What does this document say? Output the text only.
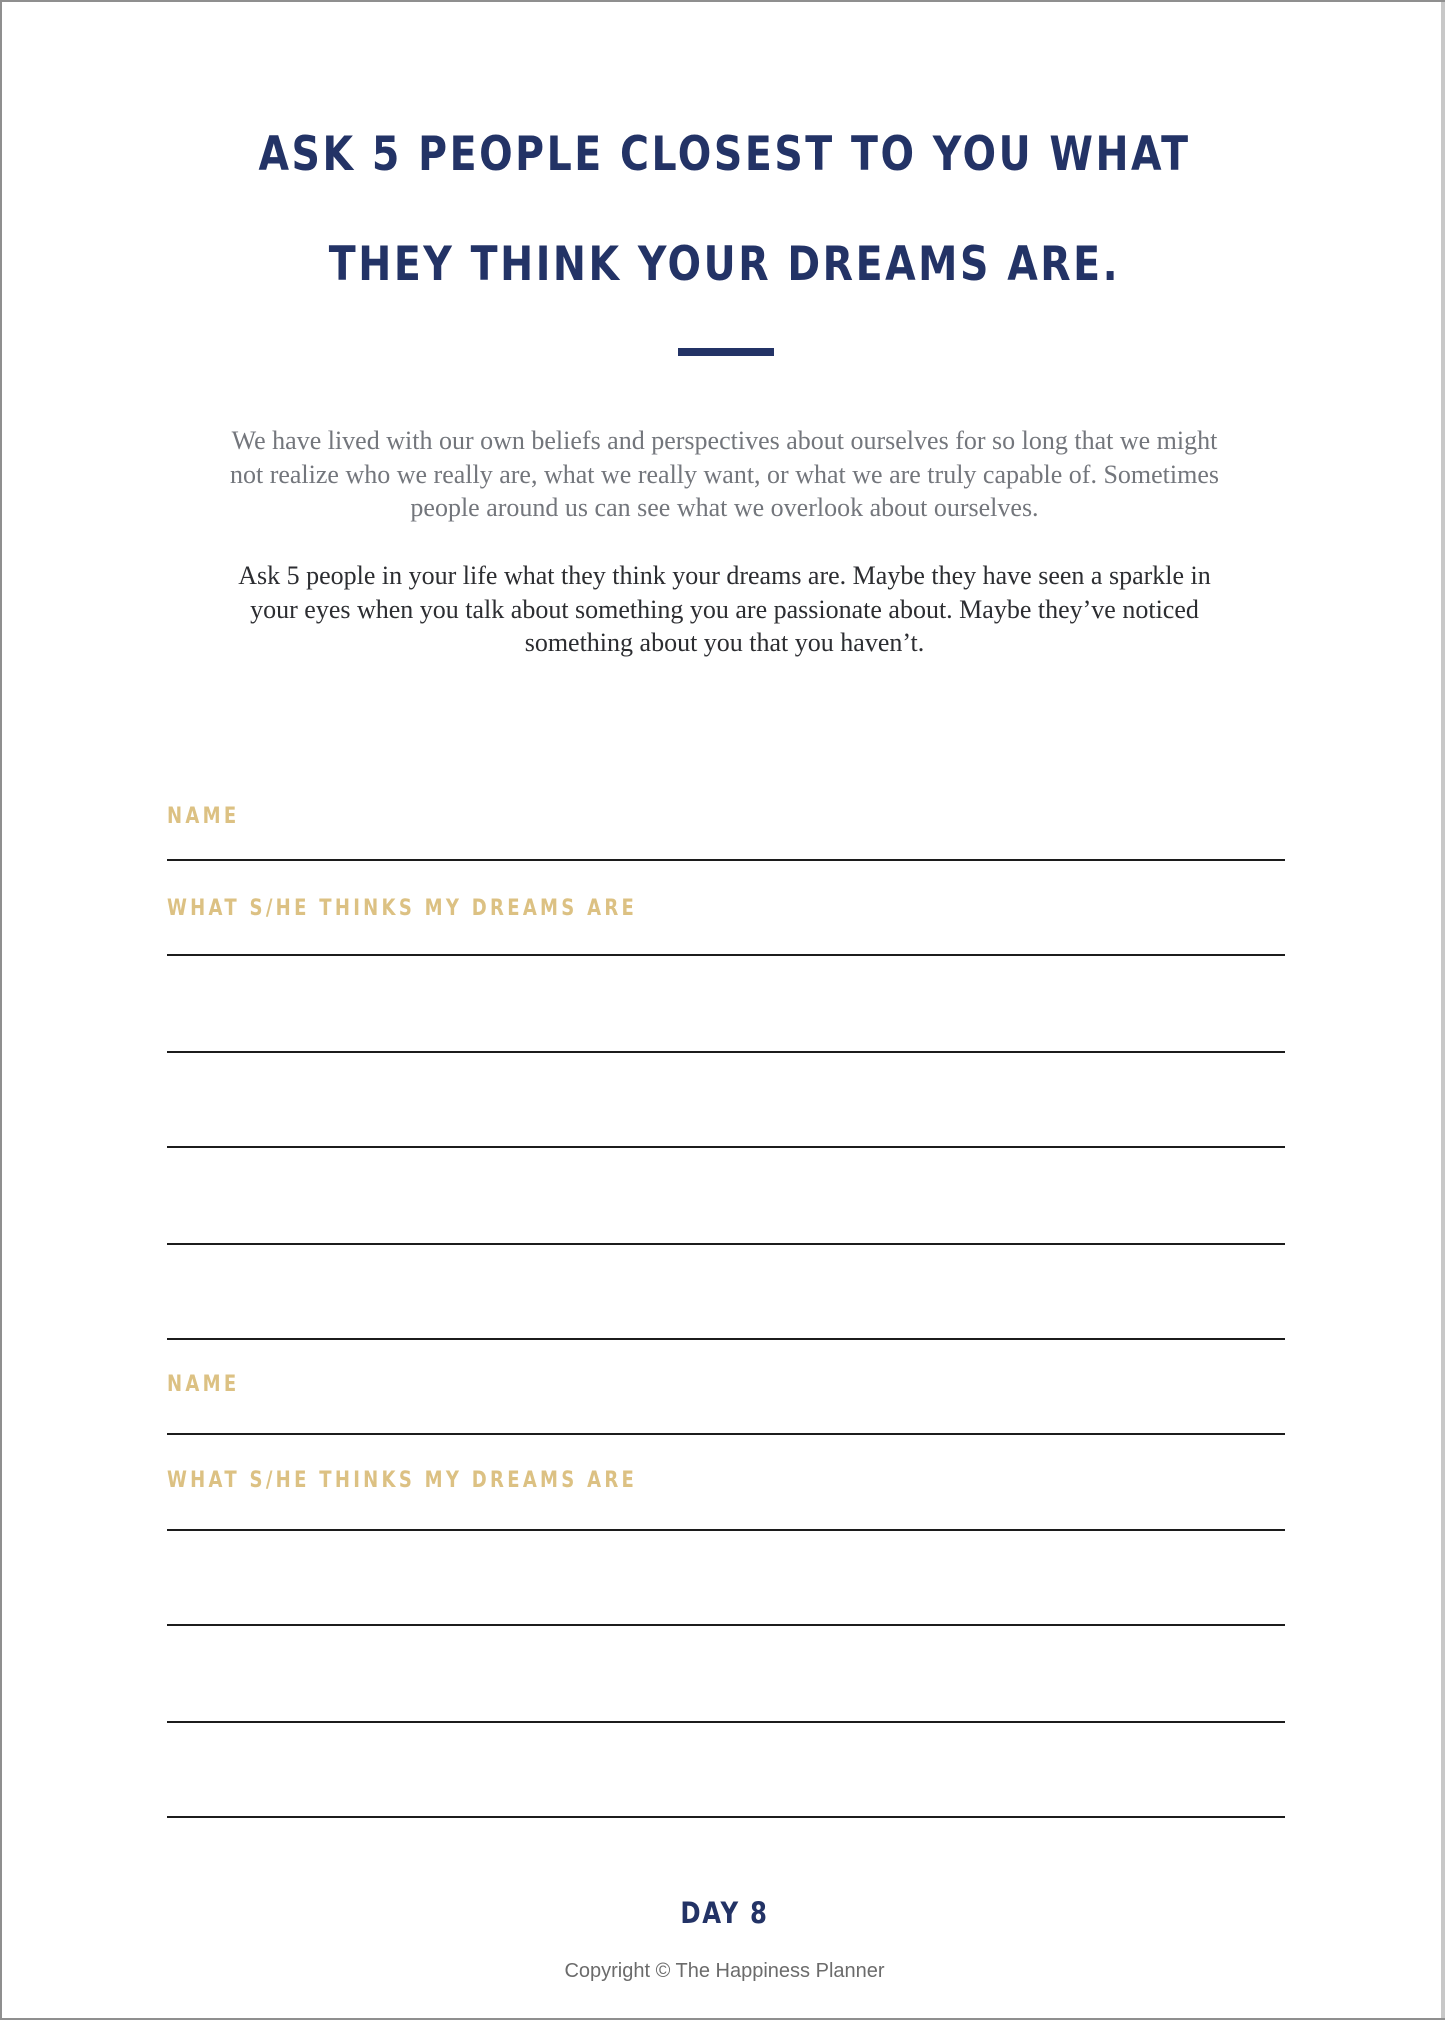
ASK 5 PEOPLE CLOSEST TO YOU WHAT
THEY THINK YOUR DREAMS ARE.

We have lived with our own beliefs and perspectives about ourselves for so long that we might not realize who we really are, what we really want, or what we are truly capable of. Sometimes people around us can see what we overlook about ourselves.

Ask 5 people in your life what they think your dreams are. Maybe they have seen a sparkle in your eyes when you talk about something you are passionate about. Maybe they’ve noticed something about you that you haven’t.

NAME

WHAT S/HE THINKS MY DREAMS ARE

NAME

WHAT S/HE THINKS MY DREAMS ARE

DAY 8

Copyright © The Happiness Planner
